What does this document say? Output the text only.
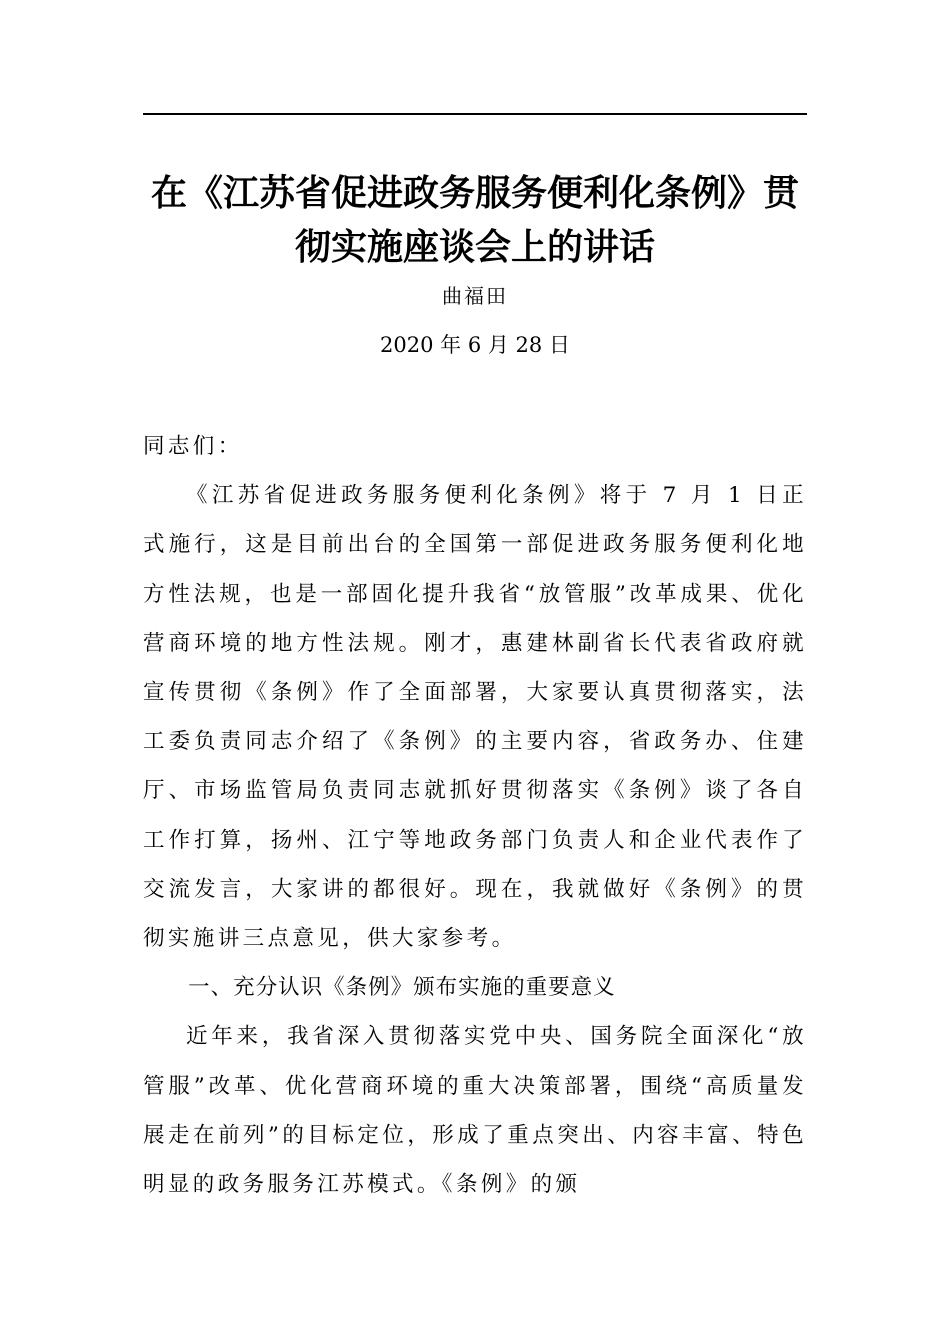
在《江苏省促进政务服务便利化条例》贯彻实施座谈会上的讲话
曲福田
2020 年 6 月 28 日

同志们：

《江苏省促进政务服务便利化条例》将于 7 月 1 日正式施行，这是目前出台的全国第一部促进政务服务便利化地方性法规，也是一部固化提升我省“放管服”改革成果、优化营商环境的地方性法规。刚才，惠建林副省长代表省政府就宣传贯彻《条例》作了全面部署，大家要认真贯彻落实，法工委负责同志介绍了《条例》的主要内容，省政务办、住建厅、市场监管局负责同志就抓好贯彻落实《条例》谈了各自工作打算，扬州、江宁等地政务部门负责人和企业代表作了交流发言，大家讲的都很好。现在，我就做好《条例》的贯彻实施讲三点意见，供大家参考。

一、充分认识《条例》颁布实施的重要意义

近年来，我省深入贯彻落实党中央、国务院全面深化“放管服”改革、优化营商环境的重大决策部署，围绕“高质量发展走在前列”的目标定位，形成了重点突出、内容丰富、特色明显的政务服务江苏模式。《条例》的颁
